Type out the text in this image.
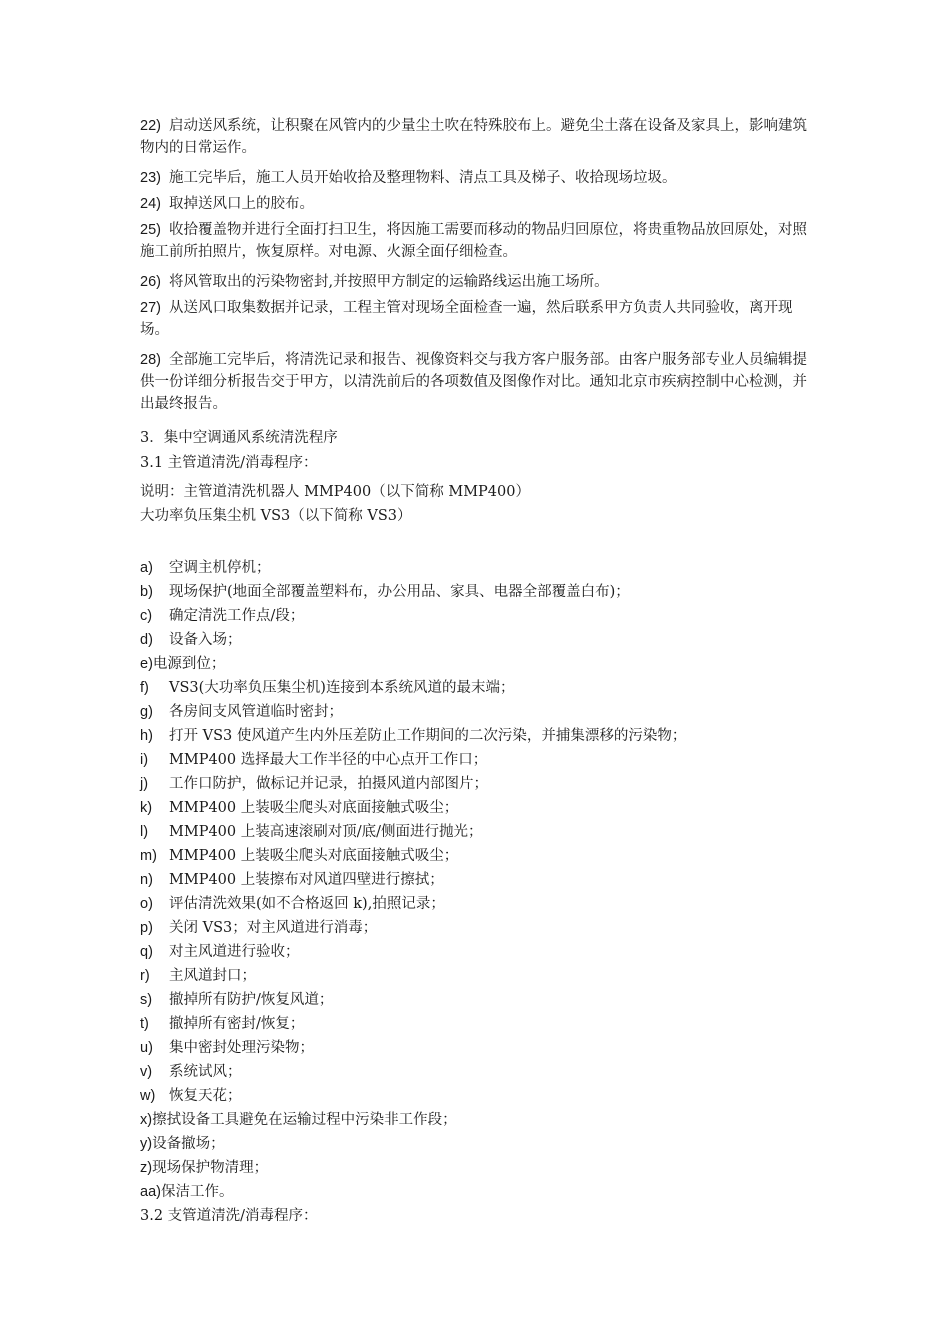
22) 启动送风系统，让积聚在风管内的少量尘土吹在特殊胶布上。避免尘土落在设备及家具上，影响建筑物内的日常运作。
23) 施工完毕后，施工人员开始收拾及整理物料、清点工具及梯子、收拾现场垃圾。
24) 取掉送风口上的胶布。
25) 收拾覆盖物并进行全面打扫卫生，将因施工需要而移动的物品归回原位，将贵重物品放回原处，对照施工前所拍照片，恢复原样。对电源、火源全面仔细检查。
26) 将风管取出的污染物密封,并按照甲方制定的运输路线运出施工场所。
27) 从送风口取集数据并记录，工程主管对现场全面检查一遍，然后联系甲方负责人共同验收，离开现场。
28) 全部施工完毕后，将清洗记录和报告、视像资料交与我方客户服务部。由客户服务部专业人员编辑提供一份详细分析报告交于甲方，以清洗前后的各项数值及图像作对比。通知北京市疾病控制中心检测，并出最终报告。
3．集中空调通风系统清洗程序
3.1 主管道清洗/消毒程序：
说明：主管道清洗机器人 MMP400（以下简称 MMP400）
大功率负压集尘机 VS3（以下简称 VS3）
a) 空调主机停机；
b) 现场保护(地面全部覆盖塑料布，办公用品、家具、电器全部覆盖白布)；
c) 确定清洗工作点/段；
d) 设备入场；
e)电源到位；
f) VS3(大功率负压集尘机)连接到本系统风道的最末端；
g) 各房间支风管道临时密封；
h) 打开 VS3 使风道产生内外压差防止工作期间的二次污染，并捕集漂移的污染物；
i) MMP400 选择最大工作半径的中心点开工作口；
j) 工作口防护，做标记并记录，拍摄风道内部图片；
k) MMP400 上装吸尘爬头对底面接触式吸尘；
l) MMP400 上装高速滚刷对顶/底/侧面进行抛光；
m) MMP400 上装吸尘爬头对底面接触式吸尘；
n) MMP400 上装擦布对风道四壁进行擦拭；
o) 评估清洗效果(如不合格返回 k),拍照记录；
p) 关闭 VS3；对主风道进行消毒；
q) 对主风道进行验收；
r) 主风道封口；
s) 撤掉所有防护/恢复风道；
t) 撤掉所有密封/恢复；
u) 集中密封处理污染物；
v) 系统试风；
w) 恢复天花；
x)擦拭设备工具避免在运输过程中污染非工作段；
y)设备撤场；
z)现场保护物清理；
aa)保洁工作。
3.2 支管道清洗/消毒程序：
